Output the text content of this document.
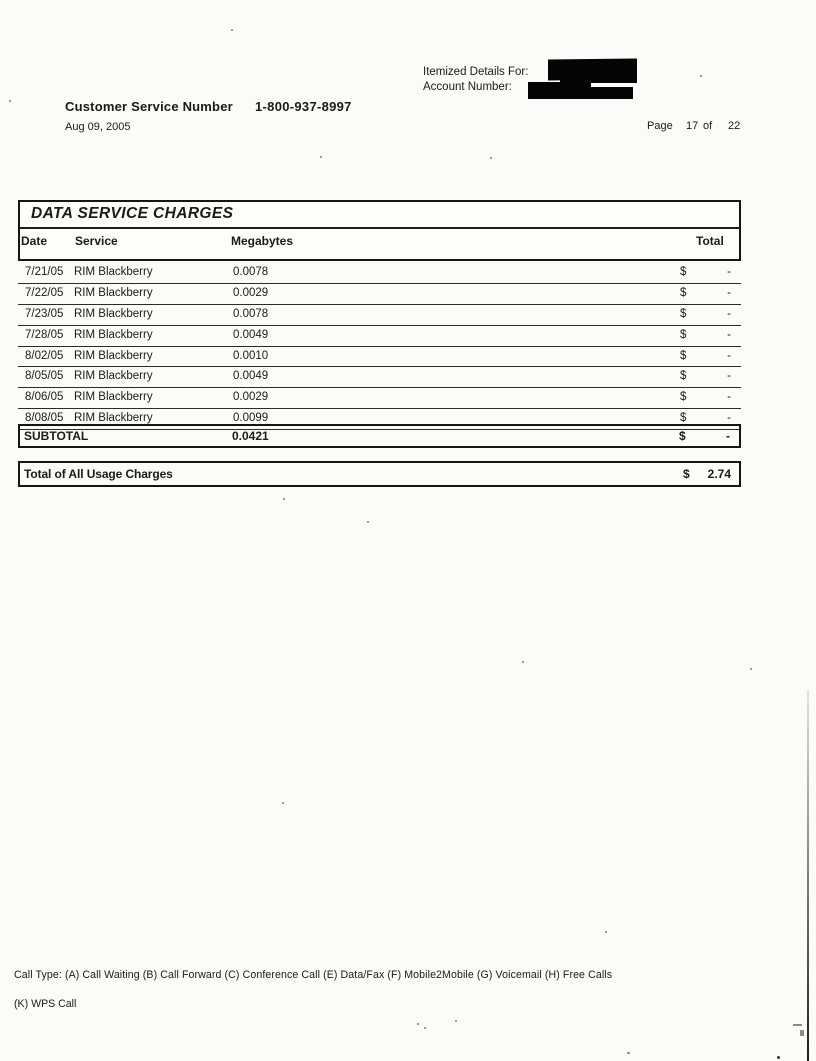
Itemized Details For:
Account Number:
Customer Service Number 1-800-937-8997
Aug 09, 2005	Page 17 of 22
DATA SERVICE CHARGES
Date Service	Megabytes	Total
7/21/05 RIM Blackberry	0.0078	$	-
7/22/05 RIM Blackberry	0.0029	$	-
7/23/05 RIM Blackberry	0.0078	$	-
7/28/05 RIM Blackberry	0.0049	$	-
8/02/05 RIM Blackberry	0.0010	$	-
8/05/05 RIM Blackberry	0.0049	$	-
8/06/05 RIM Blackberry	0.0029	$	-
8/08/05 RIM Blackberry	0.0099	$	-
SUBTOTAL	0.0421	$	-
Total of All Usage Charges	$ 2.74
Call Type: (A) Call Waiting (B) Call Forward (C) Conference Call (E) Data/Fax (F) Mobile2Mobile (G) Voicemail (H) Free Calls
(K) WPS Call
